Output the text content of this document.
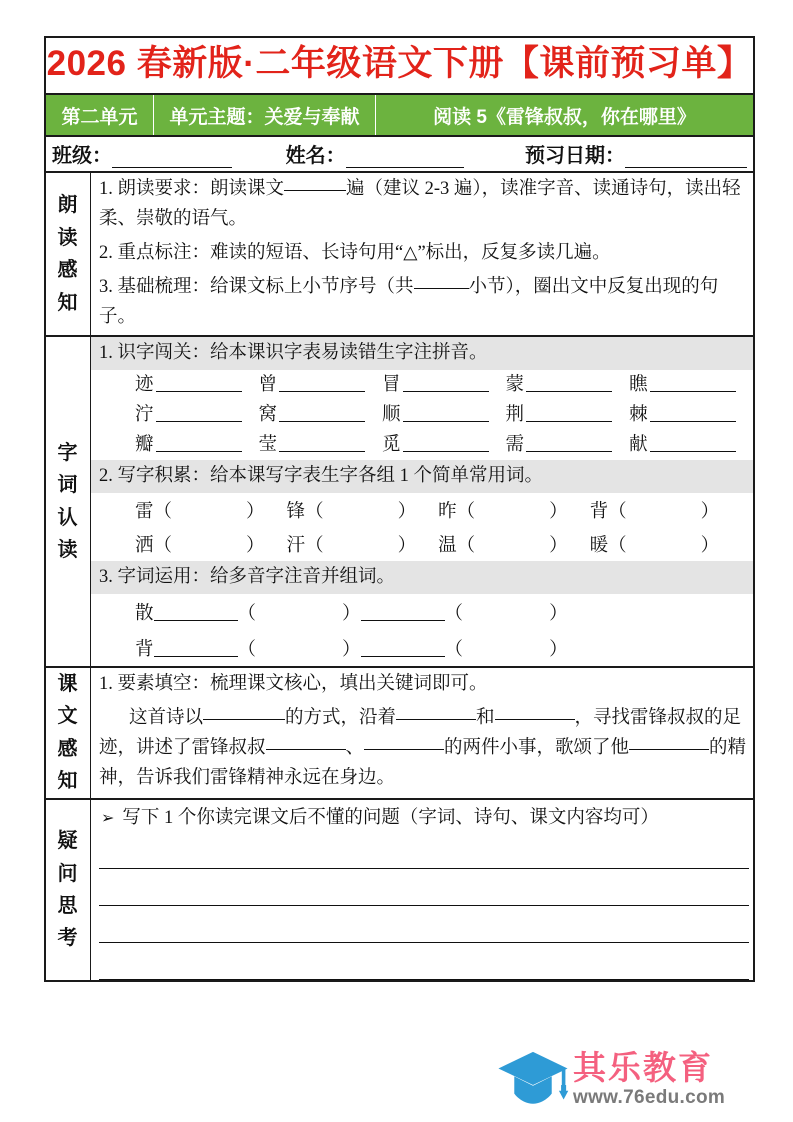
2026 春新版·二年级语文下册【课前预习单】
第二单元	单元主题：关爱与奉献	阅读 5《雷锋叔叔，你在哪里》
班级：	姓名：	预习日期：
朗
读
感
知
1. 朗读要求：朗读课文	遍（建议 2-3 遍），读准字音、读通诗句，读出轻柔、崇敬的语气。
2. 重点标注：难读的短语、长诗句用“△”标出，反复多读几遍。
3. 基础梳理：给课文标上小节序号（共	小节），圈出文中反复出现的句子。
字
词
认
读
1. 识字闯关：给本课识字表易读错生字注拼音。
迹	曾	冒	蒙	瞧
泞	窝	顺	荆	棘
瓣	莹	觅	需	献
2. 写字积累：给本课写字表生字各组 1 个简单常用词。
雷 （	） 锋 （	） 昨 （	） 背 （	）
洒 （	） 汗 （	） 温 （	） 暖 （	）
3. 字词运用：给多音字注音并组词。
散	（	）	（	）
背	（	）	（	）
课
文
感
知
1. 要素填空：梳理课文核心，填出关键词即可。
这首诗以	的方式，沿着	和	，寻找雷锋叔叔的足迹，讲述了雷锋叔叔	、	的两件小事，歌颂了他	的精神，告诉我们雷锋精神永远在身边。
疑
问
思
考
➢ 写下 1 个你读完课文后不懂的问题（字词、诗句、课文内容均可）
其乐教育
www.76edu.com
